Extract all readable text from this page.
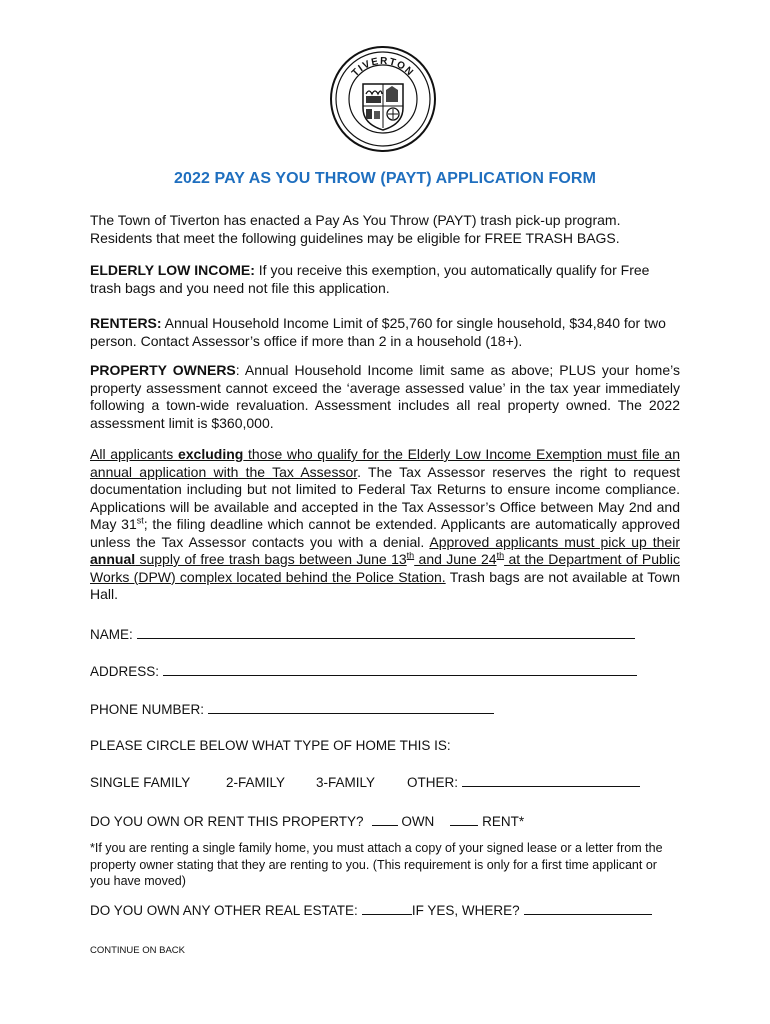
TIVERTON
2022 PAY AS YOU THROW (PAYT) APPLICATION FORM
The Town of Tiverton has enacted a Pay As You Throw (PAYT) trash pick-up program. Residents that meet the following guidelines may be eligible for FREE TRASH BAGS.
ELDERLY LOW INCOME: If you receive this exemption, you automatically qualify for Free trash bags and you need not file this application.
RENTERS: Annual Household Income Limit of $25,760 for single household, $34,840 for two person. Contact Assessor’s office if more than 2 in a household (18+).
PROPERTY OWNERS: Annual Household Income limit same as above; PLUS your home’s property assessment cannot exceed the ‘average assessed value’ in the tax year immediately following a town-wide revaluation. Assessment includes all real property owned. The 2022 assessment limit is $360,000.
All applicants excluding those who qualify for the Elderly Low Income Exemption must file an annual application with the Tax Assessor. The Tax Assessor reserves the right to request documentation including but not limited to Federal Tax Returns to ensure income compliance. Applications will be available and accepted in the Tax Assessor’s Office between May 2nd and May 31st; the filing deadline which cannot be extended. Applicants are automatically approved unless the Tax Assessor contacts you with a denial. Approved applicants must pick up their annual supply of free trash bags between June 13th and June 24th at the Department of Public Works (DPW) complex located behind the Police Station. Trash bags are not available at Town Hall.
NAME:
ADDRESS:
PHONE NUMBER:
PLEASE CIRCLE BELOW WHAT TYPE OF HOME THIS IS:
SINGLE FAMILY	2-FAMILY 3-FAMILY OTHER:
DO YOU OWN OR RENT THIS PROPERTY?	OWN	RENT*
*If you are renting a single family home, you must attach a copy of your signed lease or a letter from the property owner stating that they are renting to you. (This requirement is only for a first time applicant or you have moved)
DO YOU OWN ANY OTHER REAL ESTATE:	IF YES, WHERE?
CONTINUE ON BACK
